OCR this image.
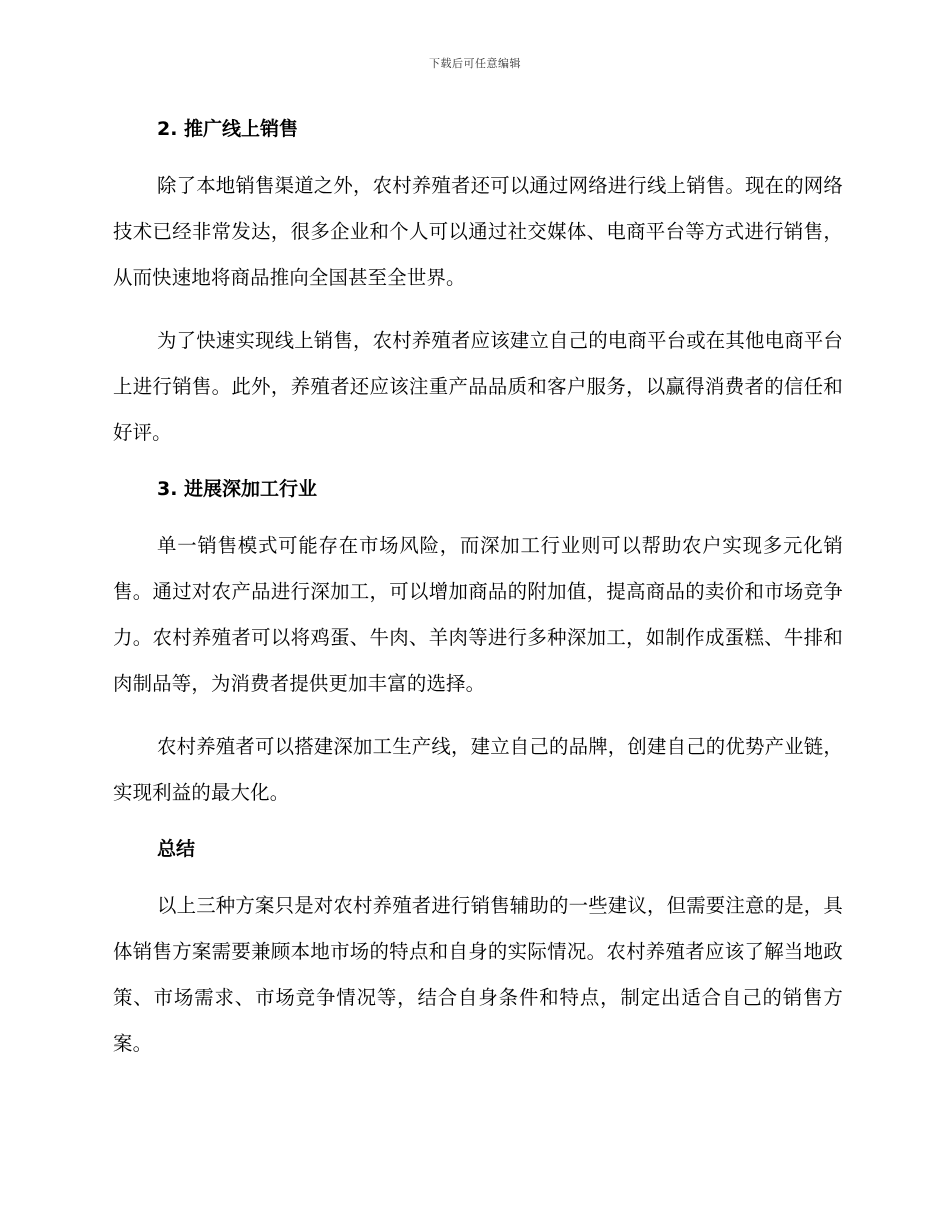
下载后可任意编辑
2. 推广线上销售

除了本地销售渠道之外，农村养殖者还可以通过网络进行线上销售。现在的网络技术已经非常发达，很多企业和个人可以通过社交媒体、电商平台等方式进行销售，从而快速地将商品推向全国甚至全世界。

为了快速实现线上销售，农村养殖者应该建立自己的电商平台或在其他电商平台上进行销售。此外，养殖者还应该注重产品品质和客户服务，以赢得消费者的信任和好评。

3. 进展深加工行业

单一销售模式可能存在市场风险，而深加工行业则可以帮助农户实现多元化销售。通过对农产品进行深加工，可以增加商品的附加值，提高商品的卖价和市场竞争力。农村养殖者可以将鸡蛋、牛肉、羊肉等进行多种深加工，如制作成蛋糕、牛排和肉制品等，为消费者提供更加丰富的选择。

农村养殖者可以搭建深加工生产线，建立自己的品牌，创建自己的优势产业链，实现利益的最大化。

总结

以上三种方案只是对农村养殖者进行销售辅助的一些建议，但需要注意的是，具体销售方案需要兼顾本地市场的特点和自身的实际情况。农村养殖者应该了解当地政策、市场需求、市场竞争情况等，结合自身条件和特点，制定出适合自己的销售方案。
